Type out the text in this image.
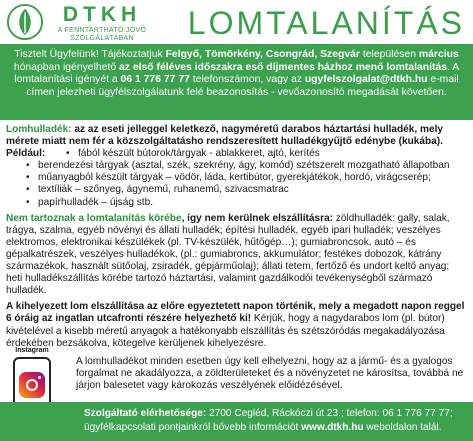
DTKH
A FENNTARTHATÓ JÖVŐ
SZOLGÁLATÁBAN	LOMTALANÍTÁS
Tisztelt Ügyfelünk! Tájékoztatjuk Felgyő, Tömörkény, Csongrád, Szegvár településen március hónapban igényelhető az első féléves időszakra eső díjmentes házhoz menő lomtalanítás. A lomtalanítási igényét a 06 1 776 77 77 telefonszámon, vagy az ugyfelszolgalat@dtkh.hu e-mail címen jelezheti ügyfélszolgálatunk felé beazonosítás - vevőazonosító megadását követően.
Lomhulladék: az az eseti jelleggel keletkező, nagyméretű darabos háztartási hulladék, mely mérete miatt nem fér a közszolgáltatásho rendszeresített hulladékgyűjtő edénybe (kukába).
Például:
•	fából készült bútorok/tárgyak - ablakkeret, ajtó, kerítés
• berendezési tárgyak (asztal, szék, szekrény, ágy, komód) szétszerelt mozgatható állapotban
• műanyagból készült tárgyak – vödör, láda, kertibútor, gyerekjátékok, hordó, virágcserép;
• textíliák – szőnyeg, ágynemű, ruhanemű, szivacsmatrac
• papírhulladék – újság stb.
Nem tartoznak a lomtalanítás körébe, így nem kerülnek elszállításra: zöldhulladék: gally, salak, trágya, szalma, egyéb növényi és állati hulladék; építési hulladék, egyéb ipari hulladék; veszélyes elektromos, elektronikai készülékek (pl. TV-készülék, hűtőgép…); gumiabroncsok, autó – és gépalkatrészek, veszélyes hulladékok, (pl.: gumiabroncs, akkumulátor; festékes dobozok, kátrány származékok, használt sütőolaj, zsiradék, gépjárműolaj); állati tetem, fertőző és undort keltő anyag; heti hulladékszállítás körébe tartozó háztartási, valamint gazdálkodói tevékenységből származó hulladék.
A kihelyezett lom elszállítása az előre egyeztetett napon történik, mely a megadott napon reggel 6 óráig az ingatlan utcafronti részére helyezhető ki! Kérjük, hogy a nagydarabos lom (pl. bútor) kivételével a kisebb méretű anyagok a hatékonyabb elszállítás és szétszóródás megakadályozása érdekében bezsákolva, kötegelve kerüljenek kihelyezésre.
Instagram
A lomhulladékot minden esetben úgy kell elhelyezni, hogy az a jármű- és a gyalogos forgalmat ne akadályozza, a zöldterületeket és a növényzetet ne károsítsa, továbbá ne járjon balesetet vagy károkozás veszélyének előidézésével.
Szolgáltató elérhetősége: 2700 Cegléd, Ráckóczi út 23.; telefon: 06 1 776 77 77;
ügyfélkapcsolati pontjainkról bővebb információt www.dtkh.hu weboldalon talál.
